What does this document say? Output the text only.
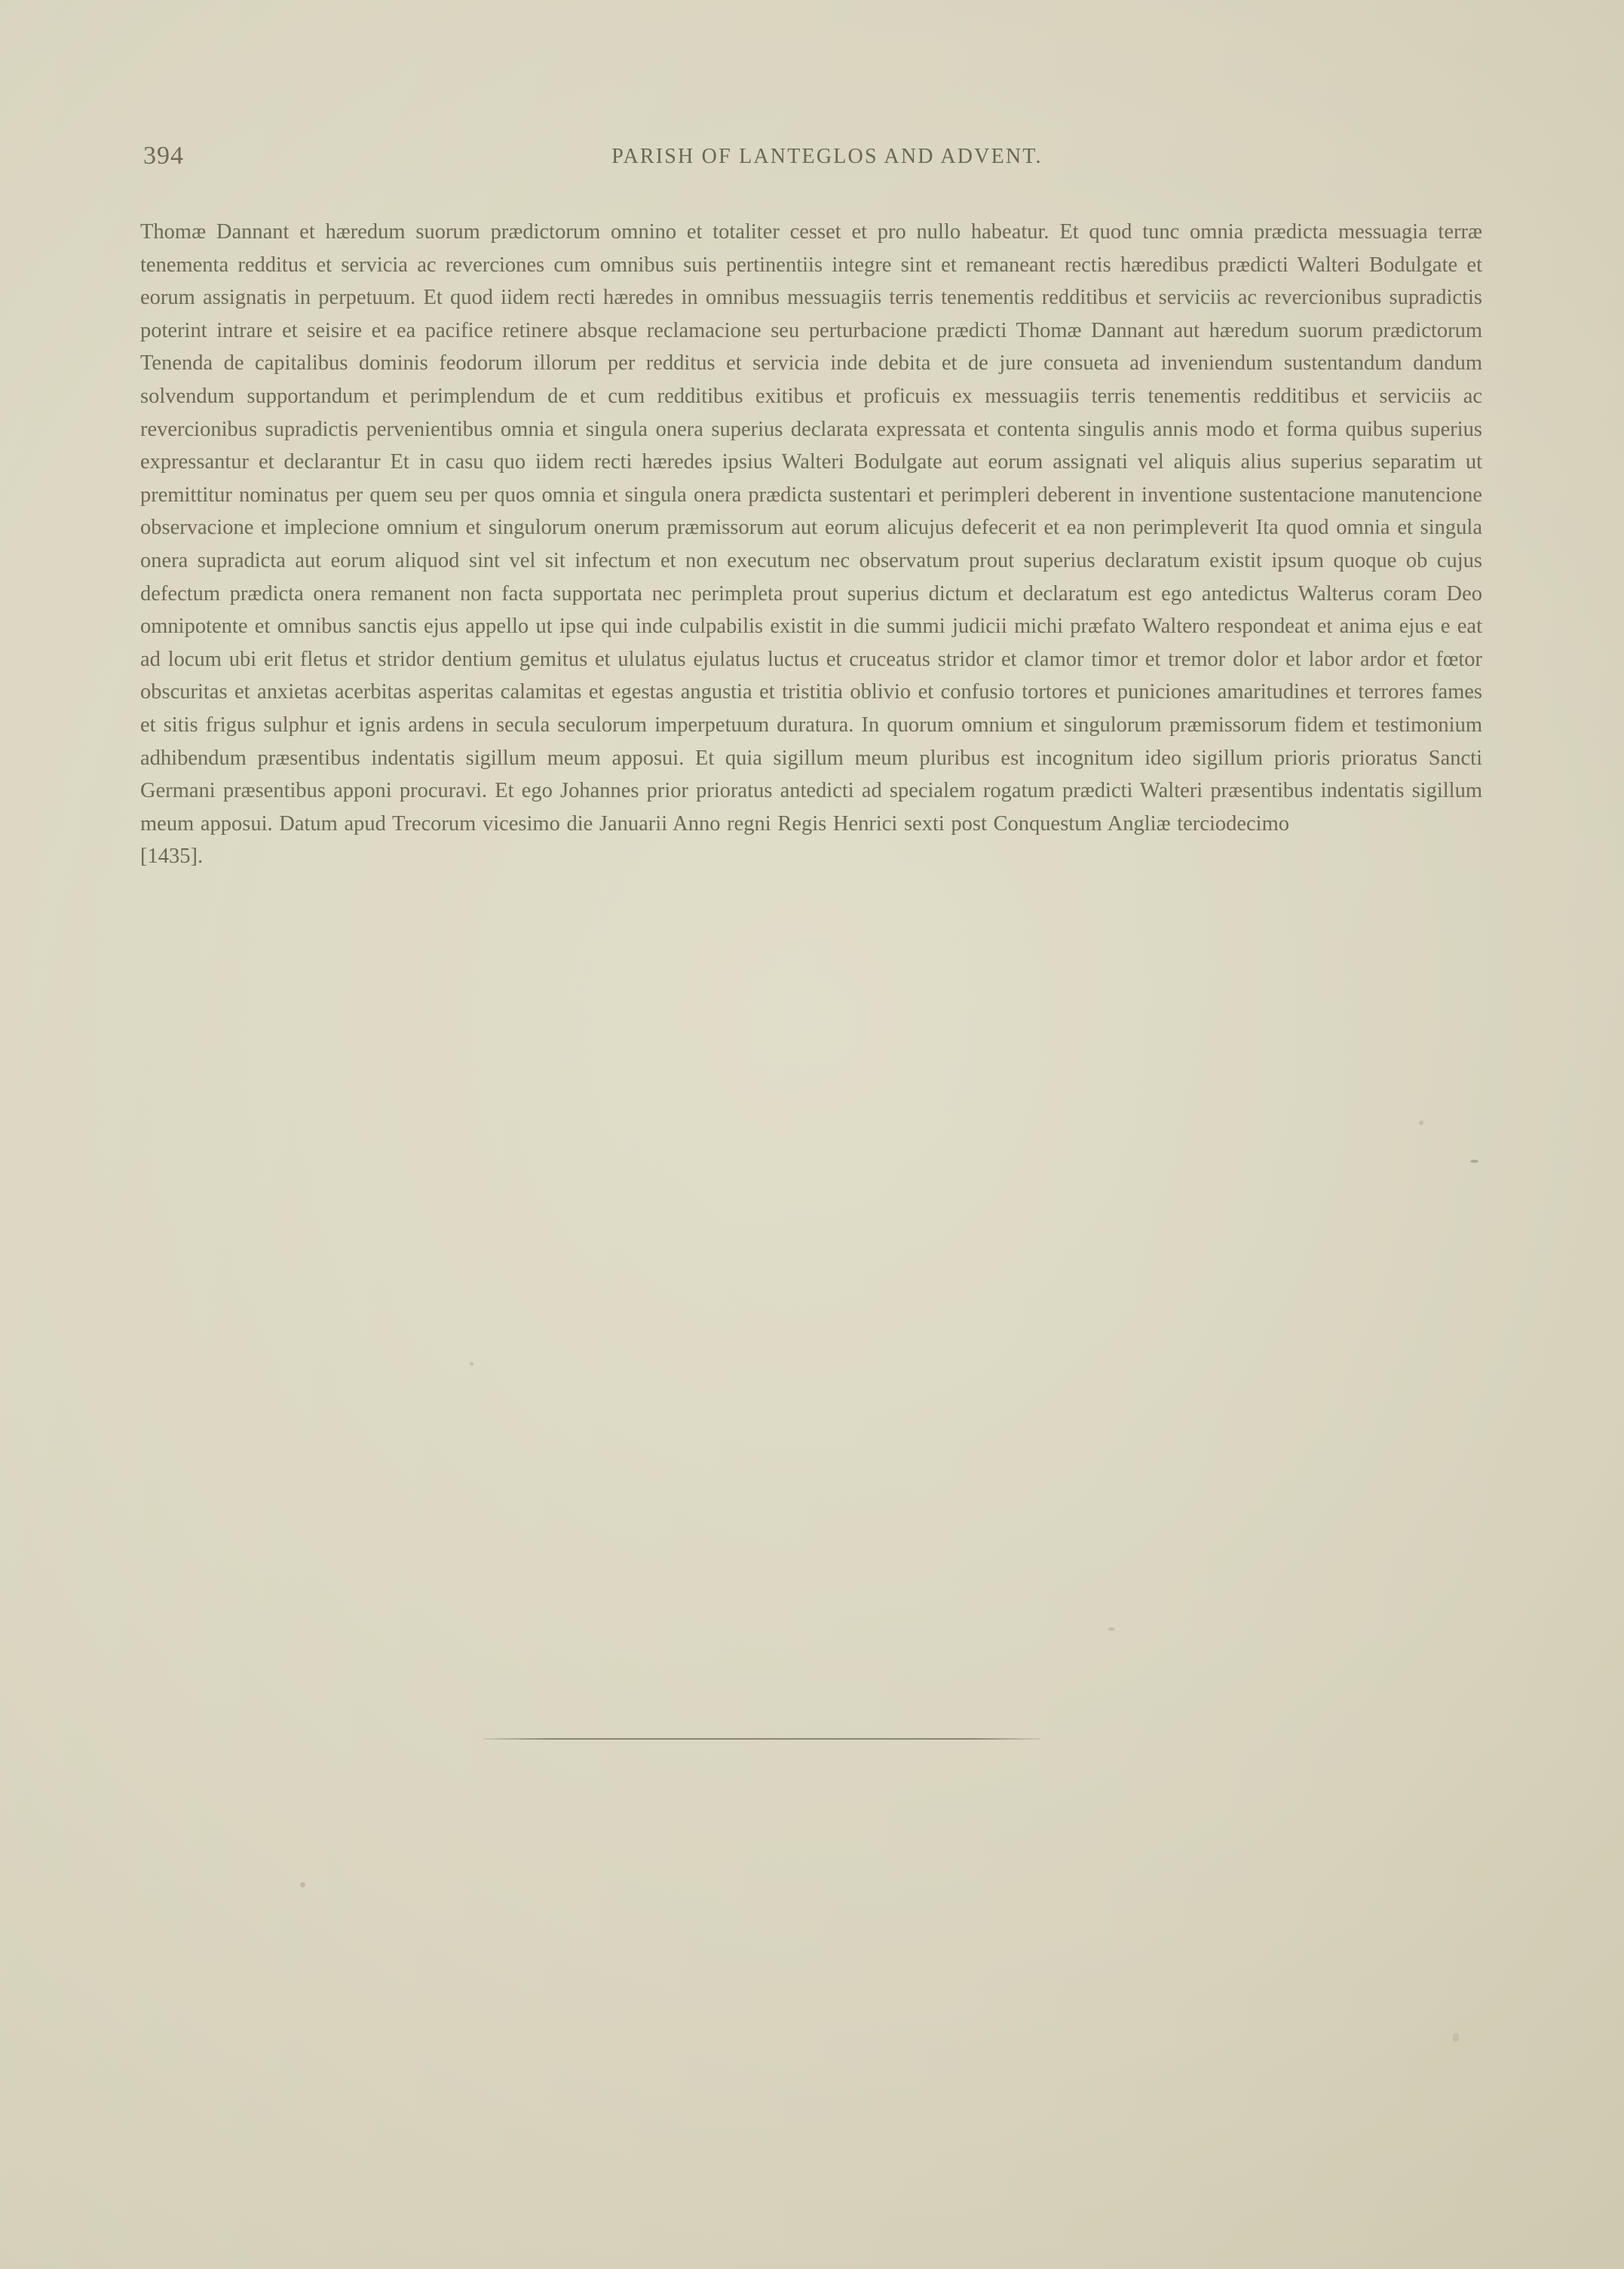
394	PARISH OF LANTEGLOS AND ADVENT.

Thomæ Dannant et hæredum suorum prædictorum omnino et totaliter cesset et pro nullo habeatur. Et quod tunc omnia prædicta messuagia terræ tenementa redditus et servicia ac reverciones cum omnibus suis pertinentiis integre sint et remaneant rectis hæredibus prædicti Walteri Bodulgate et eorum assignatis in perpetuum. Et quod iidem recti hæredes in omnibus messuagiis terris tenementis redditibus et serviciis ac revercionibus supradictis poterint intrare et seisire et ea pacifice retinere absque reclamacione seu perturbacione prædicti Thomæ Dannant aut hæredum suorum prædictorum Tenenda de capitalibus dominis feodorum illorum per redditus et servicia inde debita et de jure consueta ad inveniendum sustentandum dandum solvendum supportandum et perimplendum de et cum redditibus exitibus et proficuis ex messuagiis terris tenementis redditibus et serviciis ac revercionibus supradictis pervenientibus omnia et singula onera superius declarata expressata et contenta singulis annis modo et forma quibus superius expressantur et declarantur Et in casu quo iidem recti hæredes ipsius Walteri Bodulgate aut eorum assignati vel aliquis alius superius separatim ut premittitur nominatus per quem seu per quos omnia et singula onera prædicta sustentari et perimpleri deberent in inventione sustentacione manutencione observacione et implecione omnium et singulorum onerum præmissorum aut eorum alicujus defecerit et ea non perimpleverit Ita quod omnia et singula onera supradicta aut eorum aliquod sint vel sit infectum et non executum nec observatum prout superius declaratum existit ipsum quoque ob cujus defectum prædicta onera remanent non facta supportata nec perimpleta prout superius dictum et declaratum est ego antedictus Walterus coram Deo omnipotente et omnibus sanctis ejus appello ut ipse qui inde culpabilis existit in die summi judicii michi præfato Waltero respondeat et anima ejus e eat ad locum ubi erit fletus et stridor dentium gemitus et ululatus ejulatus luctus et cruceatus stridor et clamor timor et tremor dolor et labor ardor et fœtor obscuritas et anxietas acerbitas asperitas calamitas et egestas angustia et tristitia oblivio et confusio tortores et puniciones amaritudines et terrores fames et sitis frigus sulphur et ignis ardens in secula seculorum imperpetuum duratura. In quorum omnium et singulorum præmissorum fidem et testimonium adhibendum præsentibus indentatis sigillum meum apposui. Et quia sigillum meum pluribus est incognitum ideo sigillum prioris prioratus Sancti Germani præsentibus apponi procuravi. Et ego Johannes prior prioratus antedicti ad specialem rogatum prædicti Walteri præsentibus indentatis sigillum meum apposui. Datum apud Trecorum vicesimo die Januarii Anno regni Regis Henrici sexti post Conquestum Angliæ terciodecimo

[1435].
